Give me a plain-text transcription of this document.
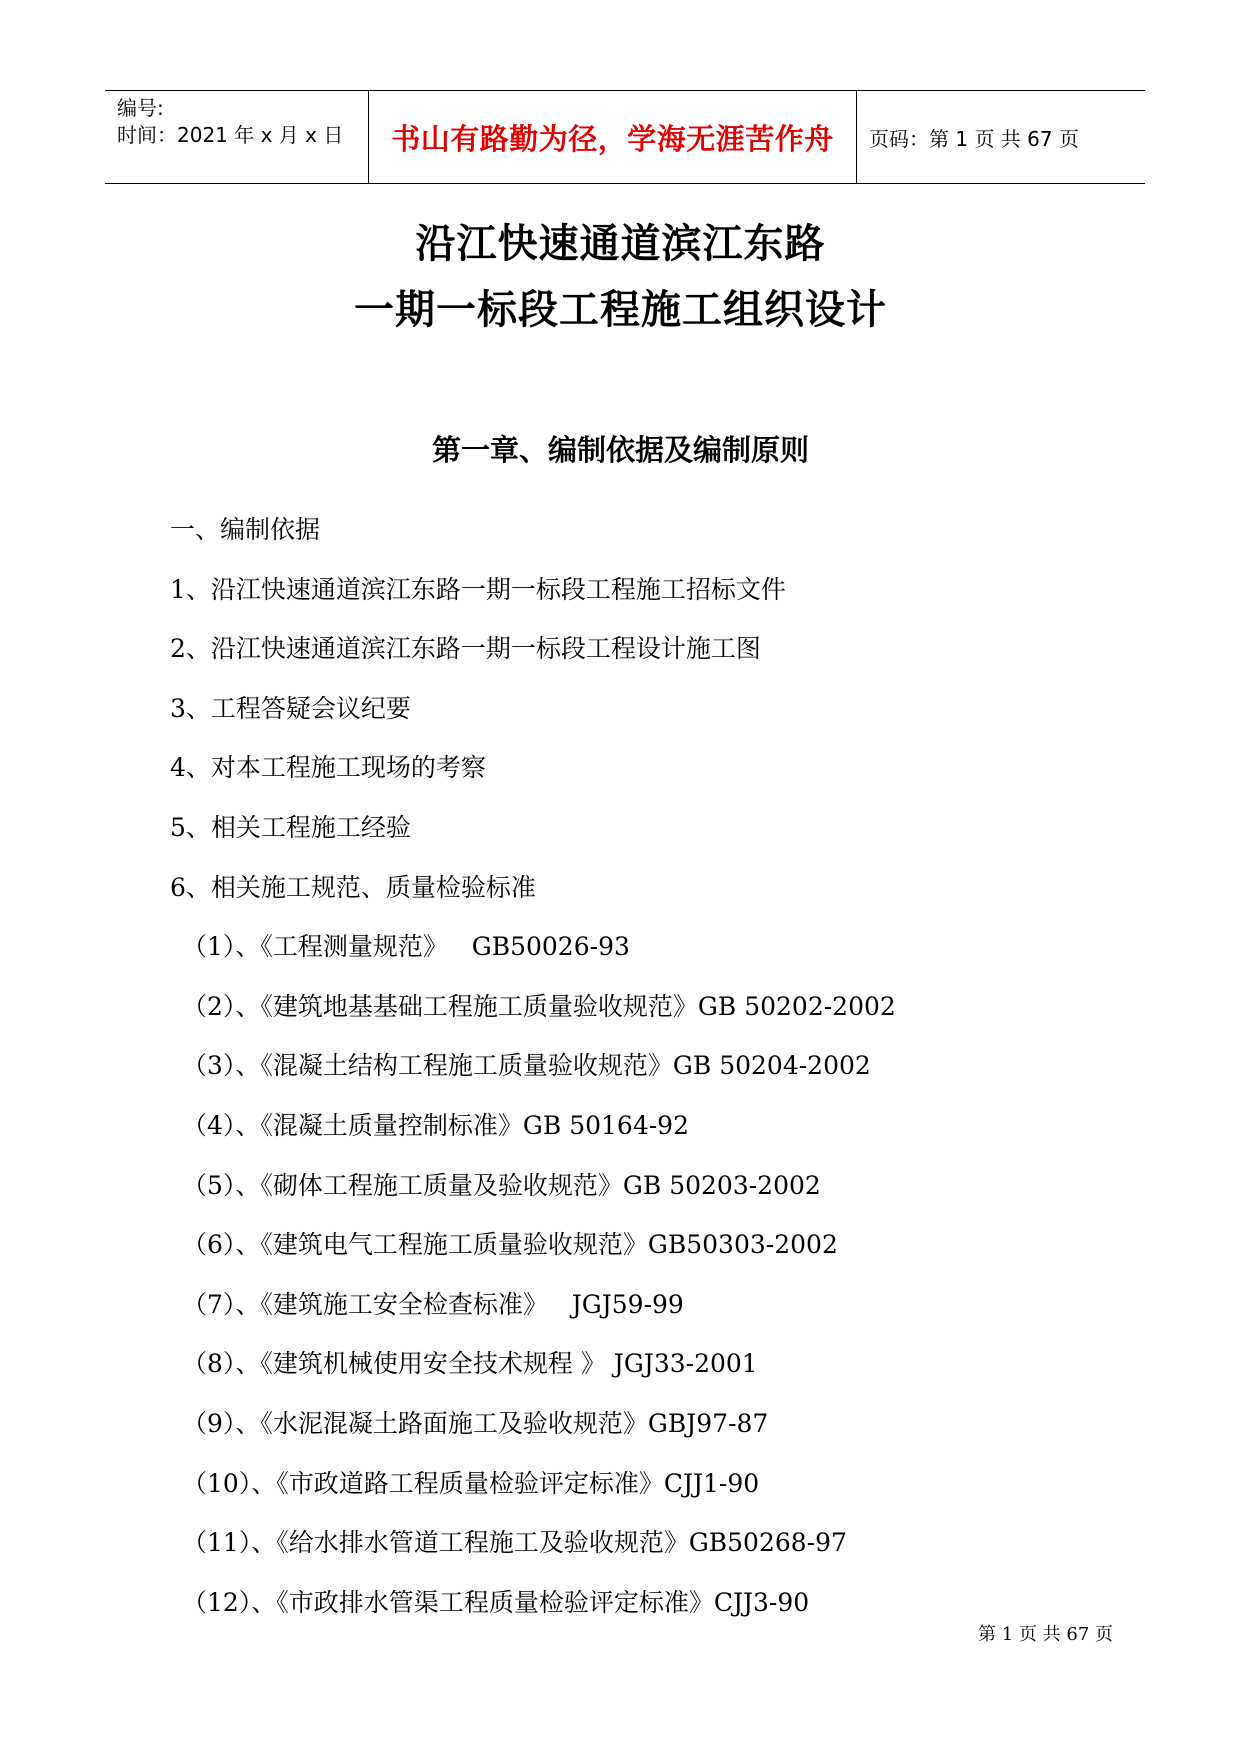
编号:
时间：2021 年 x 月 x 日	书山有路勤为径，学海无涯苦作舟 页码：第 1 页 共 67 页
沿江快速通道滨江东路
一期一标段工程施工组织设计
第一章、编制依据及编制原则
一、编制依据
1、沿江快速通道滨江东路一期一标段工程施工招标文件
2、沿江快速通道滨江东路一期一标段工程设计施工图
3、工程答疑会议纪要
4、对本工程施工现场的考察
5、相关工程施工经验
6、相关施工规范、质量检验标准
（1）、《工程测量规范》   GB50026-93
（2）、《建筑地基基础工程施工质量验收规范》GB 50202-2002
（3）、《混凝土结构工程施工质量验收规范》GB 50204-2002
（4）、《混凝土质量控制标准》GB 50164-92
（5）、《砌体工程施工质量及验收规范》GB 50203-2002
（6）、《建筑电气工程施工质量验收规范》GB50303-2002
（7）、《建筑施工安全检查标准》   JGJ59-99
（8）、《建筑机械使用安全技术规程 》 JGJ33-2001
（9）、《水泥混凝土路面施工及验收规范》GBJ97-87
（10）、《市政道路工程质量检验评定标准》CJJ1-90
（11）、《给水排水管道工程施工及验收规范》GB50268-97
（12）、《市政排水管渠工程质量检验评定标准》CJJ3-90
第 1 页 共 67 页
